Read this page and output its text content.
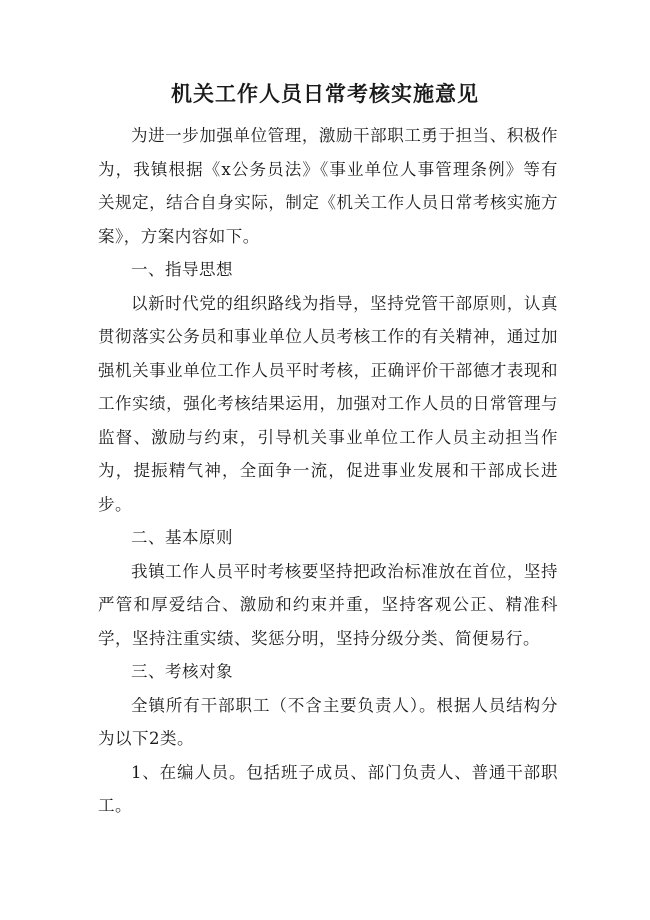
机关工作人员日常考核实施意见

为进一步加强单位管理，激励干部职工勇于担当、积极作为，我镇根据《x公务员法》《事业单位人事管理条例》等有关规定，结合自身实际，制定《机关工作人员日常考核实施方案》，方案内容如下。

一、指导思想

以新时代党的组织路线为指导，坚持党管干部原则，认真贯彻落实公务员和事业单位人员考核工作的有关精神，通过加强机关事业单位工作人员平时考核，正确评价干部德才表现和工作实绩，强化考核结果运用，加强对工作人员的日常管理与监督、激励与约束，引导机关事业单位工作人员主动担当作为，提振精气神，全面争一流，促进事业发展和干部成长进步。

二、基本原则

我镇工作人员平时考核要坚持把政治标准放在首位，坚持严管和厚爱结合、激励和约束并重，坚持客观公正、精准科学，坚持注重实绩、奖惩分明，坚持分级分类、简便易行。

三、考核对象

全镇所有干部职工（不含主要负责人）。根据人员结构分为以下2类。

1、在编人员。包括班子成员、部门负责人、普通干部职工。
